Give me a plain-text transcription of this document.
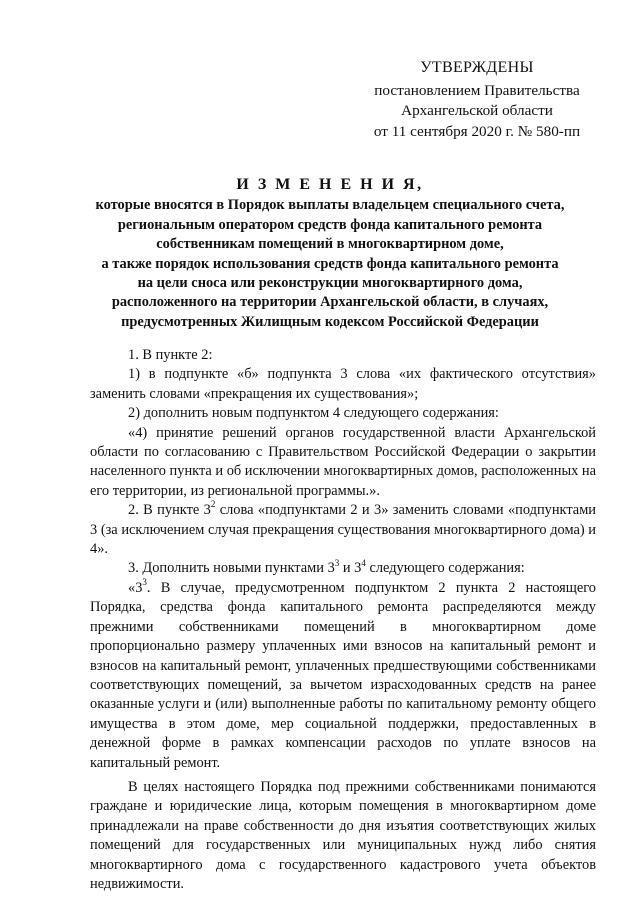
УТВЕРЖДЕНЫ
постановлением Правительства
Архангельской области
от 11 сентября 2020 г. № 580-пп
И З М Е Н Е Н И Я,
которые вносятся в Порядок выплаты владельцем специального счета,
региональным оператором средств фонда капитального ремонта
собственникам помещений в многоквартирном доме,
а также порядок использования средств фонда капитального ремонта
на цели сноса или реконструкции многоквартирного дома,
расположенного на территории Архангельской области, в случаях,
предусмотренных Жилищным кодексом Российской Федерации

1. В пункте 2:

1) в подпункте «б» подпункта 3 слова «их фактического отсутствия» заменить словами «прекращения их существования»;

2) дополнить новым подпунктом 4 следующего содержания:

«4) принятие решений органов государственной власти Архангельской области по согласованию с Правительством Российской Федерации о закрытии населенного пункта и об исключении многоквартирных домов, расположенных на его территории, из региональной программы.».

2. В пункте $3^2$ слова «подпунктами 2 и 3» заменить словами «подпунктами 3 (за исключением случая прекращения существования многоквартирного дома) и 4».

3. Дополнить новыми пунктами $3^3$ и $3^4$ следующего содержания:

«$3^3$. В случае, предусмотренном подпунктом 2 пункта 2 настоящего Порядка, средства фонда капитального ремонта распределяются между прежними собственниками помещений в многоквартирном доме пропорционально размеру уплаченных ими взносов на капитальный ремонт и взносов на капитальный ремонт, уплаченных предшествующими собственниками соответствующих помещений, за вычетом израсходованных средств на ранее оказанные услуги и (или) выполненные работы по капитальному ремонту общего имущества в этом доме, мер социальной поддержки, предоставленных в денежной форме в рамках компенсации расходов по уплате взносов на капитальный ремонт.

В целях настоящего Порядка под прежними собственниками понимаются граждане и юридические лица, которым помещения в многоквартирном доме принадлежали на праве собственности до дня изъятия соответствующих жилых помещений для государственных или муниципальных нужд либо снятия многоквартирного дома с государственного кадастрового учета объектов недвижимости.
